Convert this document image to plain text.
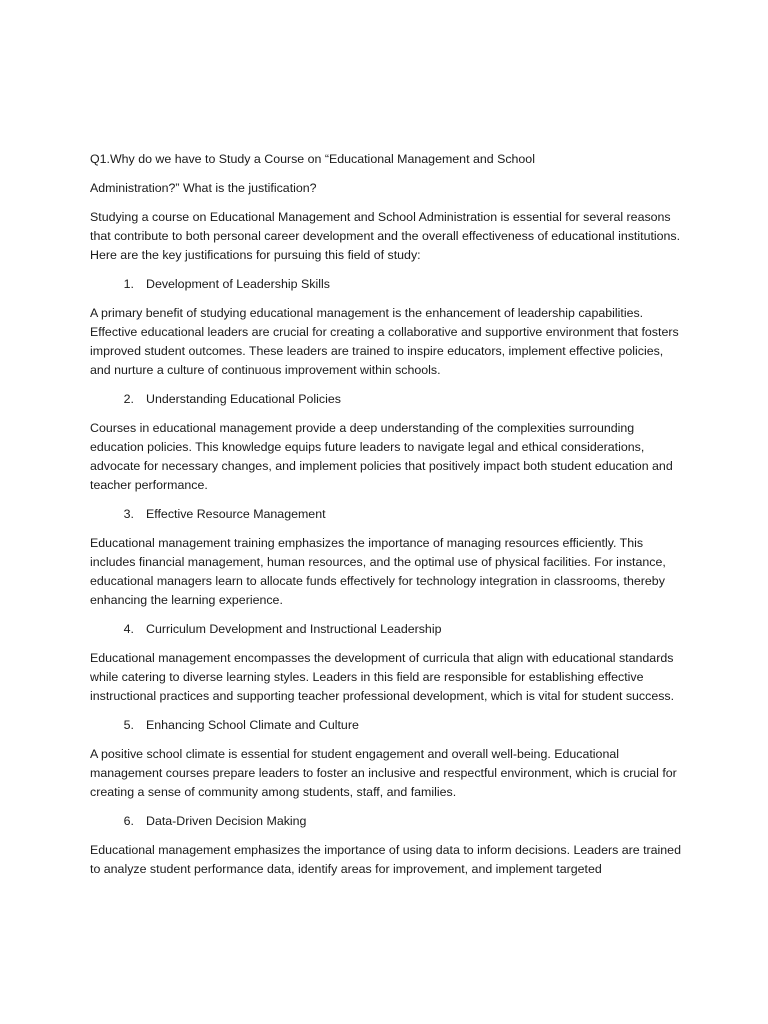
Q1.Why do we have to Study a Course on “Educational Management and School
Administration?” What is the justification?

Studying a course on Educational Management and School Administration is essential for several reasons that contribute to both personal career development and the overall effectiveness of educational institutions. Here are the key justifications for pursuing this field of study:

1. Development of Leadership Skills

A primary benefit of studying educational management is the enhancement of leadership capabilities. Effective educational leaders are crucial for creating a collaborative and supportive environment that fosters improved student outcomes. These leaders are trained to inspire educators, implement effective policies, and nurture a culture of continuous improvement within schools.

2. Understanding Educational Policies

Courses in educational management provide a deep understanding of the complexities surrounding education policies. This knowledge equips future leaders to navigate legal and ethical considerations, advocate for necessary changes, and implement policies that positively impact both student education and teacher performance.

3. Effective Resource Management

Educational management training emphasizes the importance of managing resources efficiently. This includes financial management, human resources, and the optimal use of physical facilities. For instance, educational managers learn to allocate funds effectively for technology integration in classrooms, thereby enhancing the learning experience.

4. Curriculum Development and Instructional Leadership

Educational management encompasses the development of curricula that align with educational standards while catering to diverse learning styles. Leaders in this field are responsible for establishing effective instructional practices and supporting teacher professional development, which is vital for student success.

5. Enhancing School Climate and Culture

A positive school climate is essential for student engagement and overall well-being. Educational management courses prepare leaders to foster an inclusive and respectful environment, which is crucial for creating a sense of community among students, staff, and families.

6. Data-Driven Decision Making

Educational management emphasizes the importance of using data to inform decisions. Leaders are trained to analyze student performance data, identify areas for improvement, and implement targeted
